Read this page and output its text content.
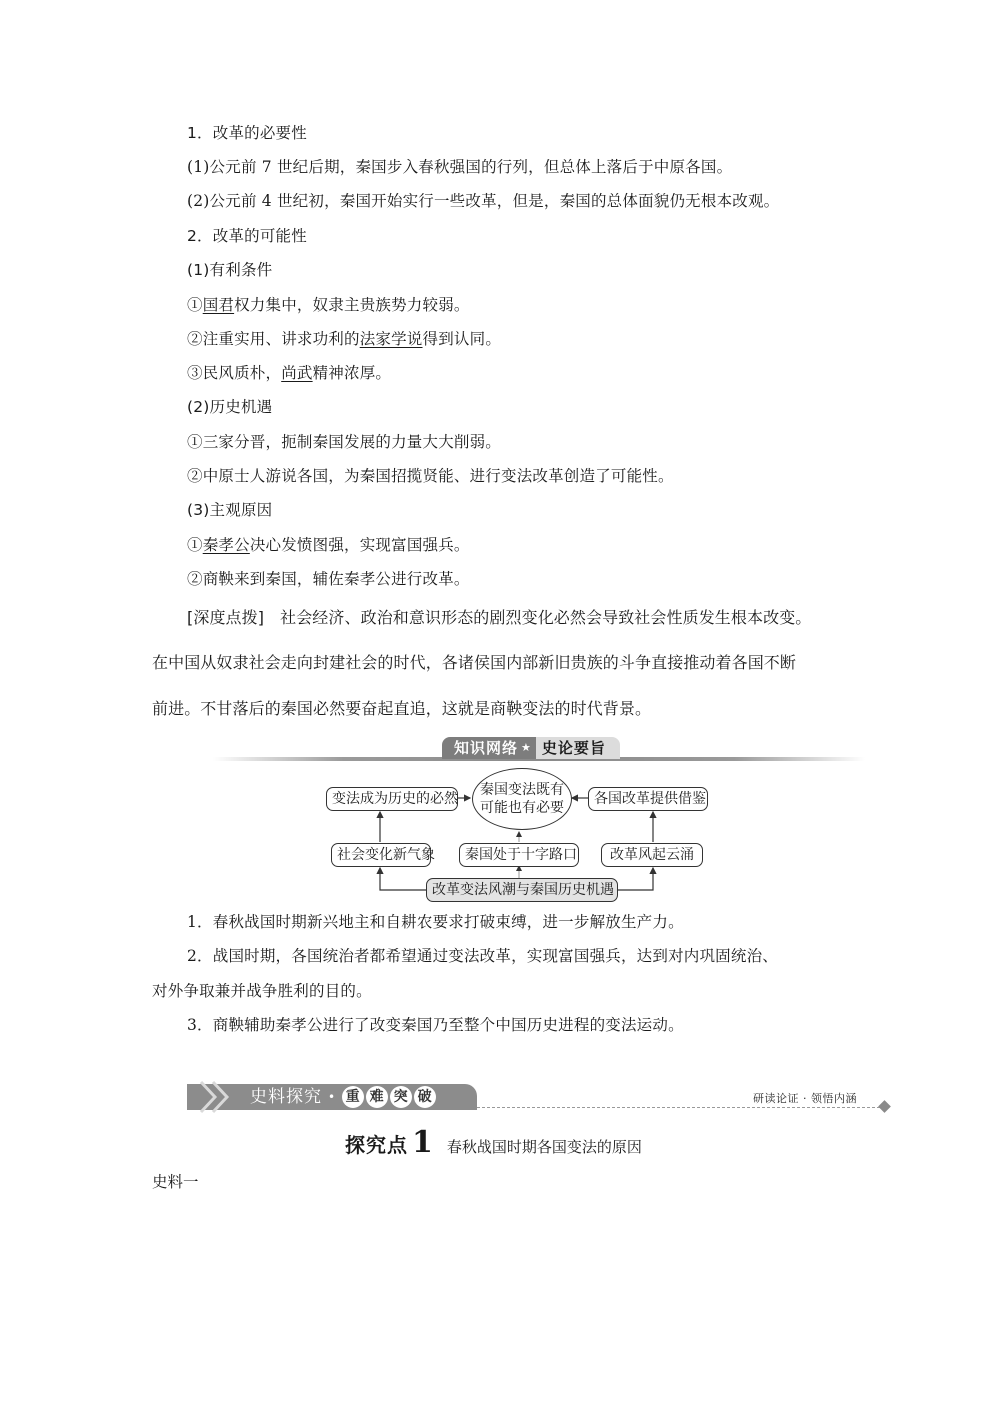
1．改革的必要性
(1)公元前 7 世纪后期，秦国步入春秋强国的行列，但总体上落后于中原各国。
(2)公元前 4 世纪初，秦国开始实行一些改革，但是，秦国的总体面貌仍无根本改观。
2．改革的可能性
(1)有利条件
①国君权力集中，奴隶主贵族势力较弱。
②注重实用、讲求功利的法家学说得到认同。
③民风质朴，尚武精神浓厚。
(2)历史机遇
①三家分晋，扼制秦国发展的力量大大削弱。
②中原士人游说各国，为秦国招揽贤能、进行变法改革创造了可能性。
(3)主观原因
①秦孝公决心发愤图强，实现富国强兵。
②商鞅来到秦国，辅佐秦孝公进行改革。
[深度点拨] 社会经济、政治和意识形态的剧烈变化必然会导致社会性质发生根本改变。
在中国从奴隶社会走向封建社会的时代，各诸侯国内部新旧贵族的斗争直接推动着各国不断
前进。不甘落后的秦国必然要奋起直追，这就是商鞅变法的时代背景。
知识网络 ★ 史论要旨
变法成为历史的必然
秦国变法既有
可能也有必要
各国改革提供借鉴
社会变化新气象	秦国处于十字路口	改革风起云涌
改革变法风潮与秦国历史机遇
1．春秋战国时期新兴地主和自耕农要求打破束缚，进一步解放生产力。
2．战国时期，各国统治者都希望通过变法改革，实现富国强兵，达到对内巩固统治、
对外争取兼并战争胜利的目的。
3．商鞅辅助秦孝公进行了改变秦国乃至整个中国历史进程的变法运动。
史料探究 • 重 难 突 破	研读论证 · 领悟内涵
探究点 1 春秋战国时期各国变法的原因
史料一
